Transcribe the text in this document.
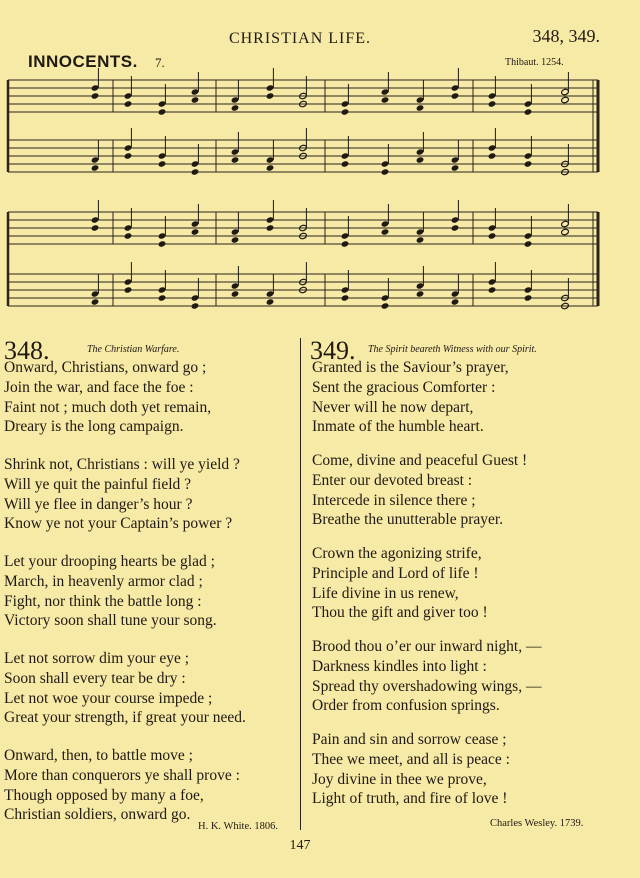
CHRISTIAN LIFE.	348, 349.
INNOCENTS. 7.	Thibaut. 1254.
348.	The Christian Warfare.
Onward, Christians, onward go ;
Join the war, and face the foe :
Faint not ; much doth yet remain,
Dreary is the long campaign.
Shrink not, Christians : will ye yield ?
Will ye quit the painful field ?
Will ye flee in danger’s hour ?
Know ye not your Captain’s power ?
Let your drooping hearts be glad ;
March, in heavenly armor clad ;
Fight, nor think the battle long :
Victory soon shall tune your song.
Let not sorrow dim your eye ;
Soon shall every tear be dry :
Let not woe your course impede ;
Great your strength, if great your need.
Onward, then, to battle move ;
More than conquerors ye shall prove :
Though opposed by many a foe,
Christian soldiers, onward go.
H. K. White. 1806.
349. The Spirit beareth Witness with our Spirit.
Granted is the Saviour’s prayer,
Sent the gracious Comforter :
Never will he now depart,
Inmate of the humble heart.
Come, divine and peaceful Guest !
Enter our devoted breast :
Intercede in silence there ;
Breathe the unutterable prayer.
Crown the agonizing strife,
Principle and Lord of life !
Life divine in us renew,
Thou the gift and giver too !
Brood thou o’er our inward night, —
Darkness kindles into light :
Spread thy overshadowing wings, —
Order from confusion springs.
Pain and sin and sorrow cease ;
Thee we meet, and all is peace :
Joy divine in thee we prove,
Light of truth, and fire of love !
Charles Wesley. 1739.
147
